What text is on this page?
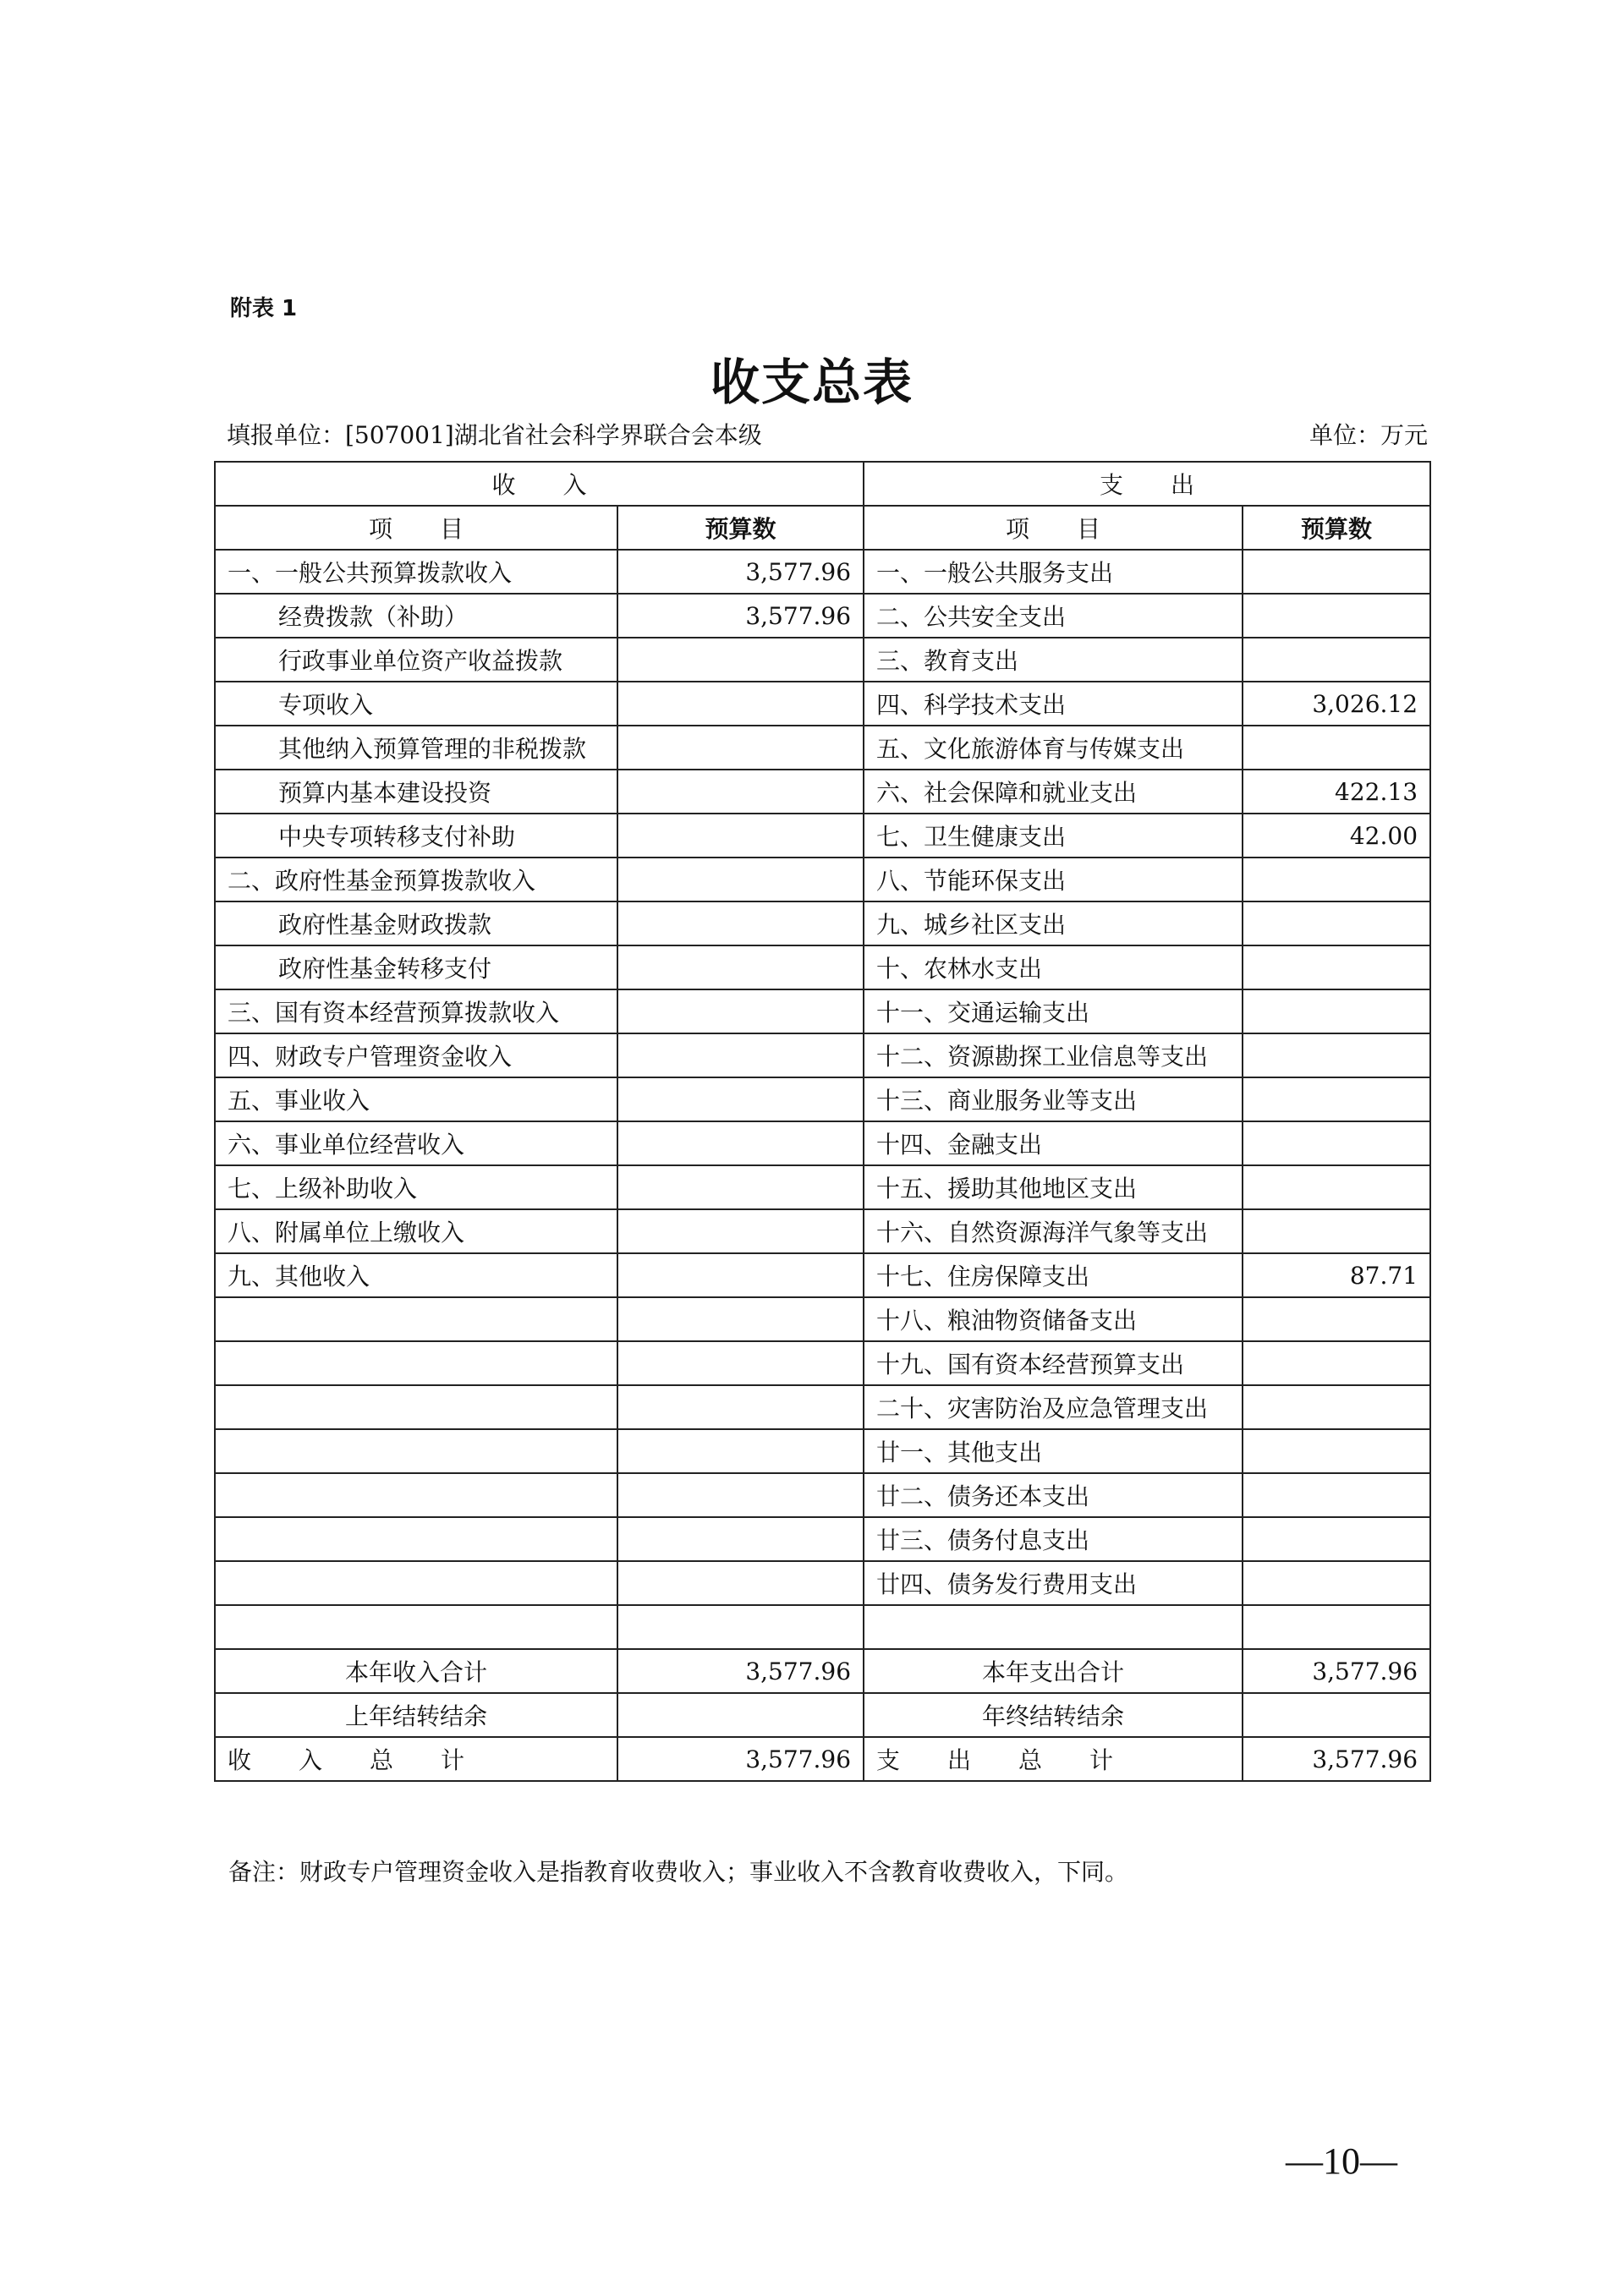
附表 1
收支总表
填报单位：[507001]湖北省社会科学界联合会本级	单位：万元
收　　入		支　　出	
项　　目	预算数	项　　目	预算数
一、一般公共预算拨款收入	3,577.96	一、一般公共服务支出	
经费拨款（补助）	3,577.96	二、公共安全支出	
行政事业单位资产收益拨款		三、教育支出	
专项收入		四、科学技术支出	3,026.12
其他纳入预算管理的非税拨款		五、文化旅游体育与传媒支出	
预算内基本建设投资		六、社会保障和就业支出	422.13
中央专项转移支付补助		七、卫生健康支出	42.00
二、政府性基金预算拨款收入		八、节能环保支出	
政府性基金财政拨款		九、城乡社区支出	
政府性基金转移支付		十、农林水支出	
三、国有资本经营预算拨款收入		十一、交通运输支出	
四、财政专户管理资金收入		十二、资源勘探工业信息等支出	
五、事业收入		十三、商业服务业等支出	
六、事业单位经营收入		十四、金融支出	
七、上级补助收入		十五、援助其他地区支出	
八、附属单位上缴收入		十六、自然资源海洋气象等支出	
九、其他收入		十七、住房保障支出	87.71
		十八、粮油物资储备支出	
		十九、国有资本经营预算支出	
		二十、灾害防治及应急管理支出	
		廿一、其他支出	
		廿二、债务还本支出	
		廿三、债务付息支出	
		廿四、债务发行费用支出	

本年收入合计	3,577.96	本年支出合计	3,577.96
上年结转结余		年终结转结余	
收　　入　　总　　计	3,577.96	支　　出　　总　　计	3,577.96
备注：财政专户管理资金收入是指教育收费收入；事业收入不含教育收费收入，下同。
—10—
